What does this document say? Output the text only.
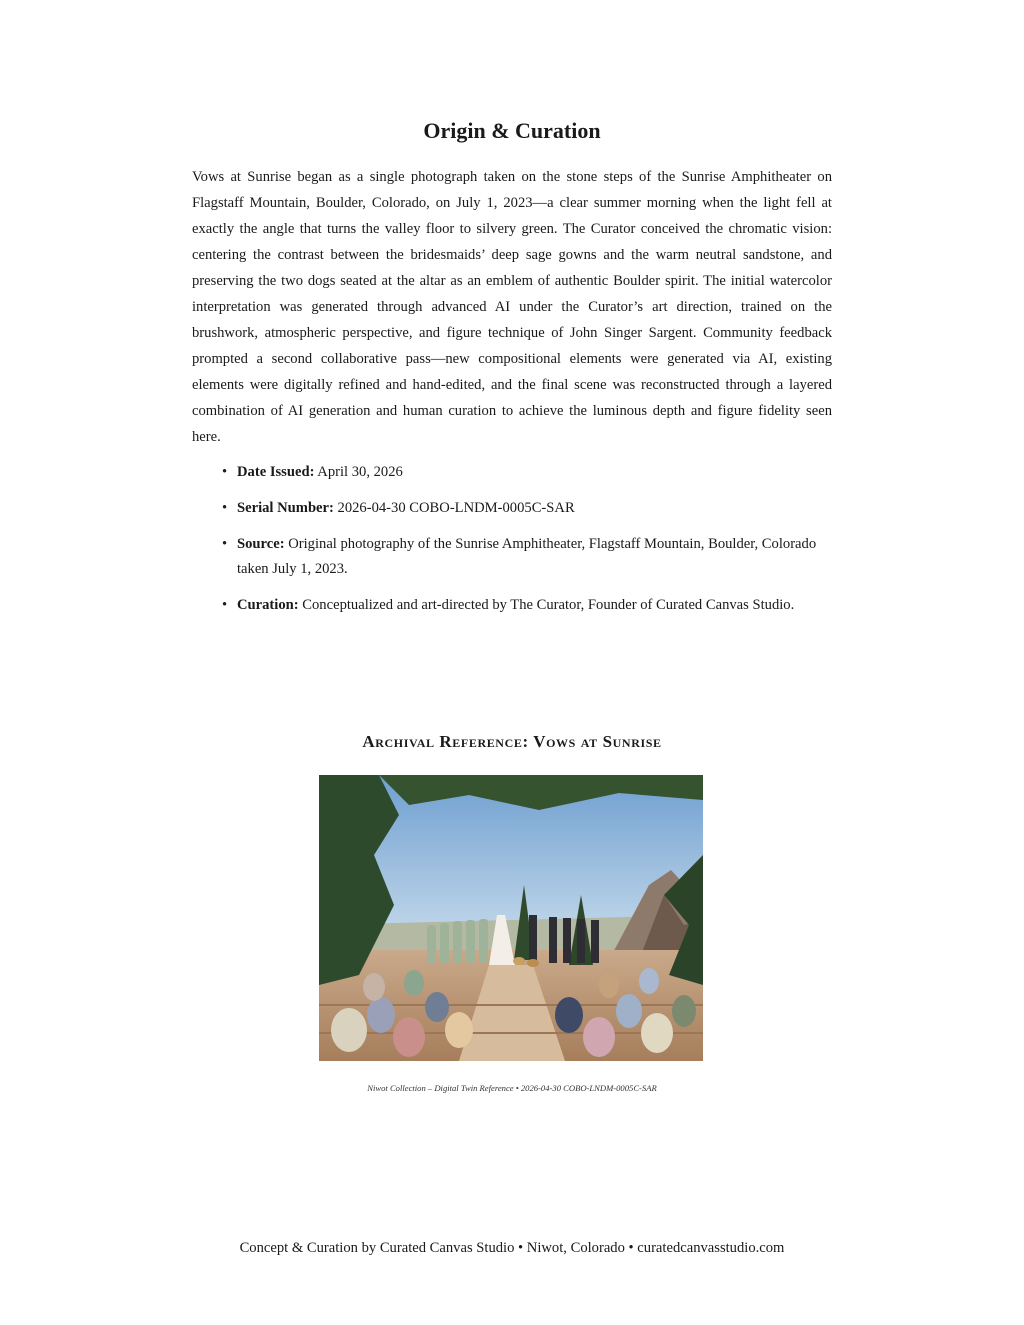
Origin & Curation

Vows at Sunrise began as a single photograph taken on the stone steps of the Sunrise Amphitheater on Flagstaff Mountain, Boulder, Colorado, on July 1, 2023—a clear summer morning when the light fell at exactly the angle that turns the valley floor to silvery green. The Curator conceived the chromatic vision: centering the contrast between the bridesmaids’ deep sage gowns and the warm neutral sandstone, and preserving the two dogs seated at the altar as an emblem of authentic Boulder spirit. The initial watercolor interpretation was generated through advanced AI under the Curator’s art direction, trained on the brushwork, atmospheric perspective, and figure technique of John Singer Sargent. Community feedback prompted a second collaborative pass—new compositional elements were generated via AI, existing elements were digitally refined and hand-edited, and the final scene was reconstructed through a layered combination of AI generation and human curation to achieve the luminous depth and figure fidelity seen here.

• Date Issued: April 30, 2026
• Serial Number: 2026-04-30 COBO-LNDM-0005C-SAR
• Source: Original photography of the Sunrise Amphitheater, Flagstaff Mountain, Boulder, Colorado taken July 1, 2023.
• Curation: Conceptualized and art-directed by The Curator, Founder of Curated Canvas Studio.
Archival Reference: Vows at Sunrise

Niwot Collection – Digital Twin Reference • 2026-04-30 COBO-LNDM-0005C-SAR

Concept & Curation by Curated Canvas Studio • Niwot, Colorado • curatedcanvasstudio.com
